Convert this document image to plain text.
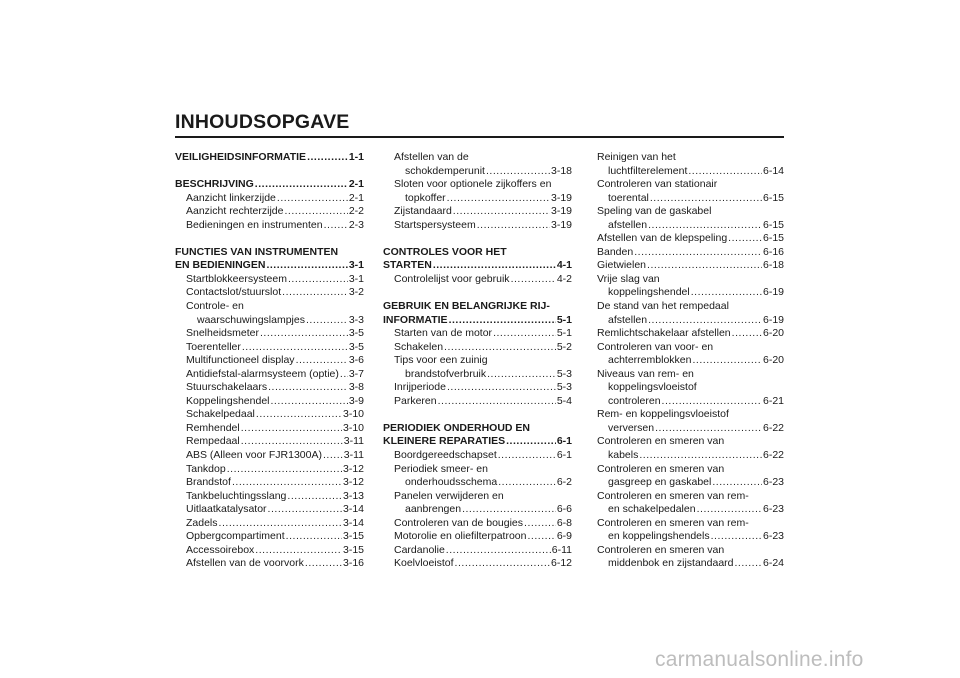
INHOUDSOPGAVE
VEILIGHEIDSINFORMATIE . . .	1-1
BESCHRIJVING . . .	2-1
Aanzicht linkerzijde . . .	2-1
Aanzicht rechterzijde . . .	2-2
Bedieningen en instrumenten . . . 2-3
FUNCTIES VAN INSTRUMENTEN
EN BEDIENINGEN . . .	3-1
Startblokkeersysteem . . .	3-1
Contactslot/stuurslot . . .	3-2
Controle- en
waarschuwingslampjes . . .	3-3
Snelheidsmeter . . .	3-5
Toerenteller . . .	3-5
Multifunctioneel display . . .	3-6
Antidiefstal-alarmsysteem (optie) . . . 3-7
Stuurschakelaars . . .	3-8
Koppelingshendel . . .	3-9
Schakelpedaal . . .	3-10
Remhendel . . .	3-10
Rempedaal . . .	3-11
ABS (Alleen voor FJR1300A) . . . 3-11
Tankdop . . .	3-12
Brandstof . . .	3-12
Tankbeluchtingsslang . . .	3-13
Uitlaatkatalysator . . .	3-14
Zadels . . .	3-14
Opbergcompartiment . . .	3-15
Accessoirebox . . .	3-15
Afstellen van de voorvork . . .	3-16
Afstellen van de
schokdemperunit . . .	3-18
Sloten voor optionele zijkoffers en
topkoffer . . .	3-19
Zijstandaard . . .	3-19
Startspersysteem . . .	3-19
CONTROLES VOOR HET
STARTEN . . .	4-1
Controlelijst voor gebruik . . .	4-2
GEBRUIK EN BELANGRIJKE RIJ-
INFORMATIE . . .	5-1
Starten van de motor . . .	5-1
Schakelen . . .	5-2
Tips voor een zuinig
brandstofverbruik . . .	5-3
Inrijperiode . . .	5-3
Parkeren . . .	5-4
PERIODIEK ONDERHOUD EN
KLEINERE REPARATIES . . .	6-1
Boordgereedschapset . . .	6-1
Periodiek smeer- en
onderhoudsschema . . .	6-2
Panelen verwijderen en
aanbrengen . . .	6-6
Controleren van de bougies . . .	6-8
Motorolie en oliefilterpatroon . . .	6-9
Cardanolie . . .	6-11
Koelvloeistof . . .	6-12
Reinigen van het
luchtfilterelement . . .	6-14
Controleren van stationair
toerental . . .	6-15
Speling van de gaskabel
afstellen . . .	6-15
Afstellen van de klepspeling . . .	6-15
Banden . . .	6-16
Gietwielen . . .	6-18
Vrije slag van
koppelingshendel . . .	6-19
De stand van het rempedaal
afstellen . . .	6-19
Remlichtschakelaar afstellen . . .	6-20
Controleren van voor- en
achterremblokken . . .	6-20
Niveaus van rem- en
koppelingsvloeistof
controleren . . .	6-21
Rem- en koppelingsvloeistof
verversen . . .	6-22
Controleren en smeren van
kabels . . .	6-22
Controleren en smeren van
gasgreep en gaskabel . . .	6-23
Controleren en smeren van rem-
en schakelpedalen . . .	6-23
Controleren en smeren van rem-
en koppelingshendels . . .	6-23
Controleren en smeren van
middenbok en zijstandaard . . .	6-24
carmanualsonline.info
